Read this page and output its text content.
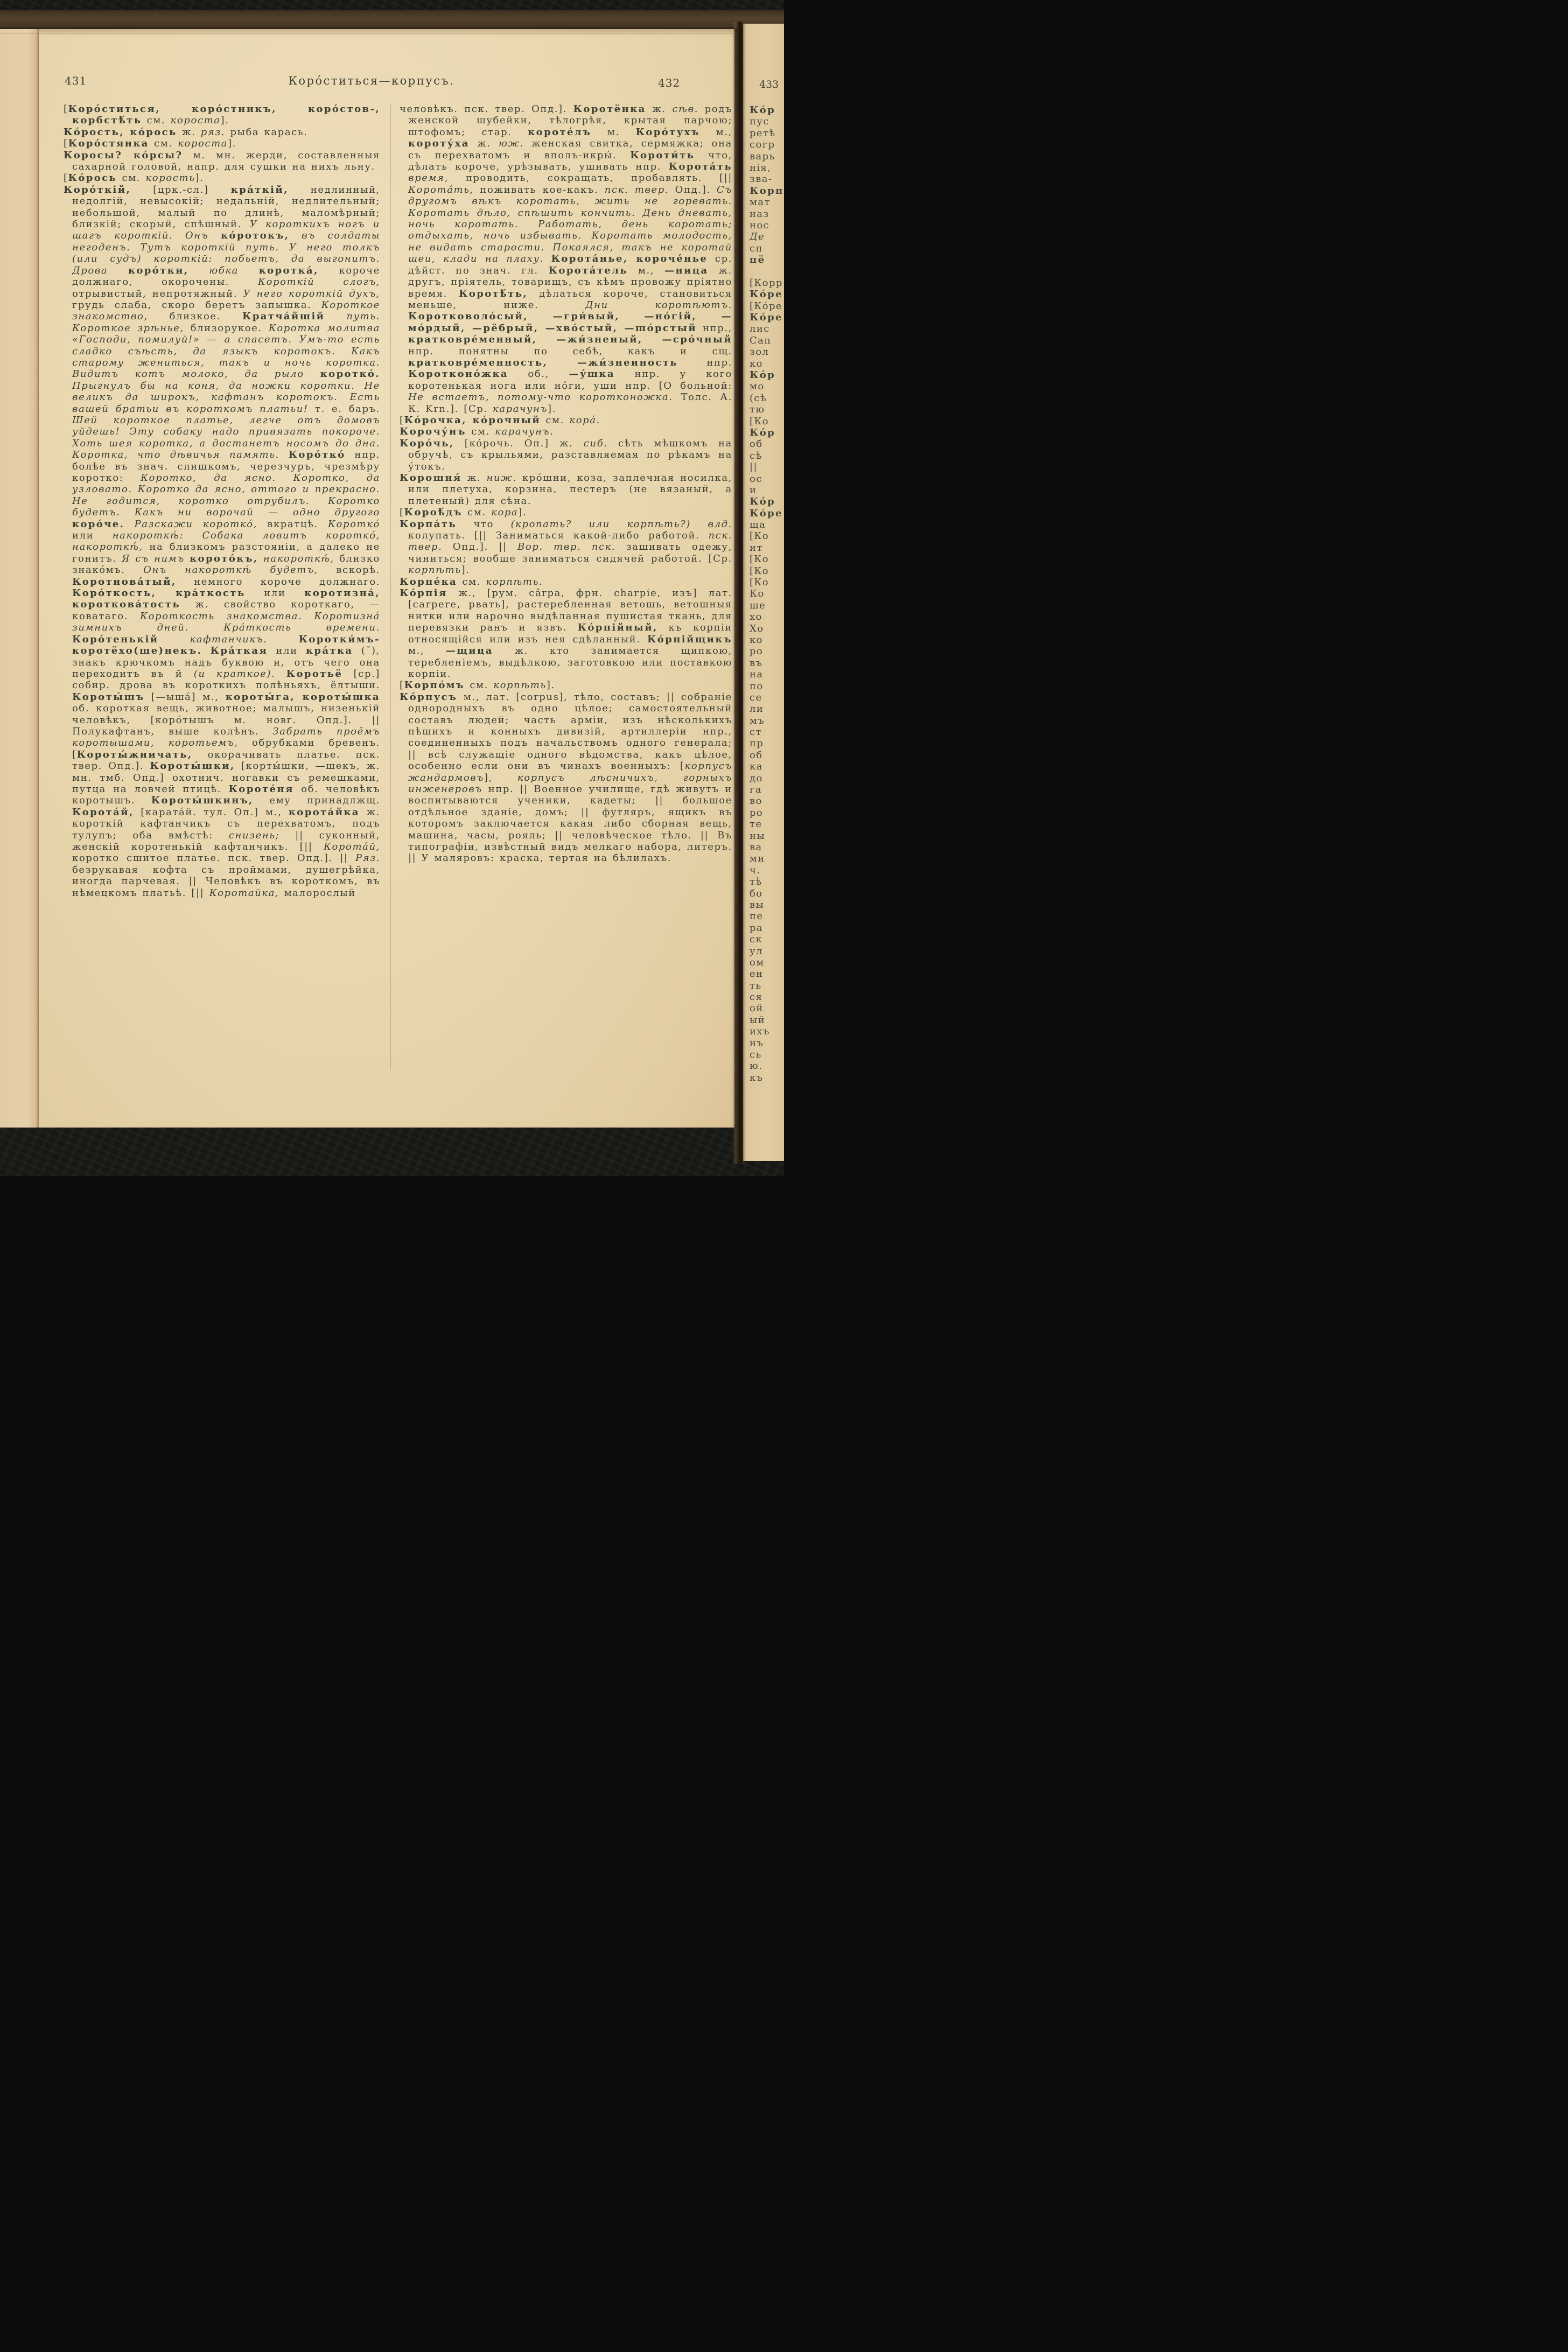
431	Коро́ститься—корпусъ.	432

[Коро́ститься, коро́стникъ, коро́стов-, корбстѣ́ть см. короста].

Ко́рость, ко́рось ж. ряз. рыба карась.

[Коро́стянка см. короста].

Коросы? ко́рсы? м. мн. жерди, составленныя сахарной головой, напр. для сушки на нихъ льну.

[Ко́рось см. корость].

Коро́ткій, [црк.-сл.] кра́ткій, недлинный, недолгій, невысокій; недальній, недлительный; небольшой, малый по длинѣ, маломѣрный; близкій; скорый, спѣшный. У короткихъ ногъ и шагъ короткій. Онъ ко́ротокъ, въ солдаты негоденъ. Тутъ короткій путь. У него толкъ (или судъ) короткій: побьетъ, да выгонитъ. Дрова коро́тки, юбка коротка́, короче должнаго, окорочены. Короткій слогъ, отрывистый, непротяжный. У него короткій духъ, грудь слаба, скоро беретъ запышка. Короткое знакомство, близкое. Кратча́йшій путь. Короткое зрѣнье, близорукое. Коротка молитва «Господи, помилуй!» — а спасетъ. Умъ-то есть сладко съѣсть, да языкъ коротокъ. Какъ старому жениться, такъ и ночь коротка. Видитъ котъ молоко, да рыло коротко́. Прыгнулъ бы на коня, да ножки коротки. Не великъ да широкъ, кафтанъ коротокъ. Есть вашей братьи въ короткомъ платьи! т. е. баръ. Шей короткое платье, легче отъ домовъ уйдешь! Эту собаку надо привязать покороче. Хоть шея коротка, а достанетъ носомъ до дна. Коротка, что дѣвичья память. Коро́тко́ нпр. болѣе въ знач. слишкомъ, черезчуръ, чрезмѣру коротко: Коротко, да ясно. Коротко, да узловато. Коротко да ясно, оттого и прекрасно. Не годится, коротко отрубилъ. Коротко будетъ. Какъ ни ворочай — одно другого коро́че. Разскажи коротко́, вкратцѣ. Коротко́ или накороткѣ́: Собака ловитъ коротко́, накороткѣ́, на близкомъ разстояніи, а далеко не гонитъ. Я съ нимъ корото́къ, накороткѣ́, близко знако́мъ. Онъ накороткѣ́ будетъ, вскорѣ. Коротнова́тый, немного короче должнаго. Коро́ткость, кра́ткость или коротизна́, коротковáтость ж. свойство короткаго, —коватаго. Короткость знакомства. Коротизна́ зимнихъ дней. Кра́ткость времени. Коро́тенькій кафтанчикъ. Коротки́мъ-коротёхо(ше)некъ. Кра́ткая или кра́тка (˘), знакъ крючкомъ надъ буквою и, отъ чего она переходитъ въ й (и краткое). Коротьё [ср.] собир. дрова въ короткихъ полѣньяхъ, ёлтыши. Короты́шъ [—ыша́] м., короты́га, короты́шка об. короткая вещь, животное; малышъ, низенькій человѣкъ, [коро́тышъ м. новг. Опд.]. || Полукафтанъ, выше колѣнъ. Забрать проёмъ коротышами, коротьемъ, обрубками бревенъ. [Короты́жничать, окорачивать платье. пск. твер. Опд.]. Короты́шки, [корты́шки, —шекъ, ж. мн. тмб. Опд.] охотнич. ногавки съ ремешками, путца на ловчей птицѣ. Короте́ня об. человѣкъ коротышъ. Короты́шкинъ, ему принадлжщ. Корота́й, [карата́й. тул. Оп.] м., корота́йка ж. короткій кафтанчикъ съ перехватомъ, подъ тулупъ; оба вмѣстѣ: снизень; || суконный, женскій коротенькій кафтанчикъ. [|| Корота́й, коротко сшитое платье. пск. твер. Опд.]. || Ряз. безрукавая кофта съ проймами, душегрѣйка, иногда парчевая. || Человѣкъ въ короткомъ, въ нѣмецкомъ платьѣ. [|| Коротайка, малорослый

человѣкъ. пск. твер. Опд.]. Коротёнка ж. сѣв. родъ женской шубейки, тѣлогрѣя, крытая парчою; штофомъ; стар. короте́лъ м. Коро́тухъ м., короту́ха ж. юж. женская свитка, сермяжка; она съ перехватомъ и вполъ-икры́. Короти́ть что, дѣлать короче, урѣзывать, ушивать нпр. Корота́ть время, проводить, сокращать, пробавлять. [|| Корота́ть, поживать кое-какъ. пск. твер. Опд.]. Съ другомъ вѣкъ коротать, жить не горевать. Коротать дѣло, спѣшить кончить. День дневать, ночь коротать. Работать, день коротать; отдыхать, ночь избывать. Коротать молодость, не видать старости. Покаялся, такъ не коротай шеи, клади на плаху. Корота́нье, короче́нье ср. дѣйст. по знач. гл. Корота́тель м., —ница ж. другъ, пріятель, товарищъ, съ кѣмъ провожу пріятно время. Коротѣ́ть, дѣлаться короче, становиться меньше, ниже. Дни коротѣютъ. Коротковоло́сый, —гри́вый, —но́гій, —мо́рдый, —рёбрый, —хво́стый, —шо́рстый нпр., кратковре́менный, —жи́зненый, —сро́чный нпр. понятны по себѣ, какъ и сщ. кратковре́менность, —жи́зненность нпр. Коротконо́жка об., —у́шка нпр. у кого коротенькая нога или но́ги, уши нпр. [О больной: Не встаетъ, потому-что коротконожка. Толс. А. К. Krn.]. [Ср. карачунъ].

[Ко́рочка, ко́рочный см. кора́.

Корочу́нъ см. карачунъ.

Коро́чь, [ко́рочь. Оп.] ж. сиб. сѣть мѣшкомъ на обручѣ, съ крыльями, разставляемая по рѣкамъ на у́токъ.

Корошня́ ж. ниж. кро́шни, коза, заплечная носилка, или плетуха, корзина, пестеръ (не вязаный, а плетеный) для сѣна.

[Короѣ́дъ см. кора].

Корпа́ть что (кропать? или корпѣть?) влд. колупать. [|| Заниматься какой-либо работой. пск. твер. Опд.]. || Вор. твр. пск. зашивать одежу, чиниться; вообще заниматься сидячей работой. [Ср. корпѣть].

Корпе́ка см. корпѣть.

Ко́рпія ж., [рум. cârpa, фрн. charpie, изъ] лат. [carpere, рвать], растеребленная ветошь, ветошныя нитки или нарочно выдѣланная пушистая ткань, для перевязки ранъ и язвъ. Ко́рпійный, къ корпіи относящійся или изъ нея сдѣланный. Ко́рпійщикъ м., —щица ж. кто занимается щипкою, теребленіемъ, выдѣлкою, заготовкою или поставкою корпіи.

[Корпо́мъ см. корпѣть].

Ко́рпусъ м., лат. [corpus], тѣло, составъ; || собраніе однородныхъ въ одно цѣлое; самостоятельный составъ людей; часть арміи, изъ нѣсколькихъ пѣшихъ и конныхъ дивизій, артиллеріи нпр., соединенныхъ подъ начальствомъ одного генерала; || всѣ служащіе одного вѣдомства, какъ цѣлое, особенно если они въ чинахъ военныхъ: [корпусъ жандармовъ], корпусъ лѣсничихъ, горныхъ инженеровъ нпр. || Военное училище, гдѣ живутъ и воспитываются ученики, кадеты; || большое отдѣльное зданіе, домъ; || футляръ, ящикъ въ которомъ заключается какая либо сборная вещь, машина, часы, рояль; || человѣческое тѣло. || Въ типографіи, извѣстный видъ мелкаго набора, литеръ. || У маляровъ: краска, тертая на бѣлилахъ.

433
Ко́р
пус
ретѣ
согр
варь
нія,
зва-
Корп
мат
наз
нос
Де
сп
пё
[Корр
Ко́ре
[Ко́ре
Ко́ре
лис
Сап
зол
ко
Ко́р
мо
(сѣ
тю
[Ко
Ко́р
об
сѣ
||
ос
и
Ко́р
Ко́ре
ща
[Ко
ит
[Ко
[Ко
[Ко
Ко
ше
хо
Хо
ко
ро
въ
на
по
се
ли
мъ
ст
пр
об
ка
до
га
во
ро
те
ны
ва
ми
ч.
тѣ
бо
вы
пе
ра
ск
ул
ом
ен
ть
ся
ой
ый
ихъ
нъ
сь
ю.
къ
